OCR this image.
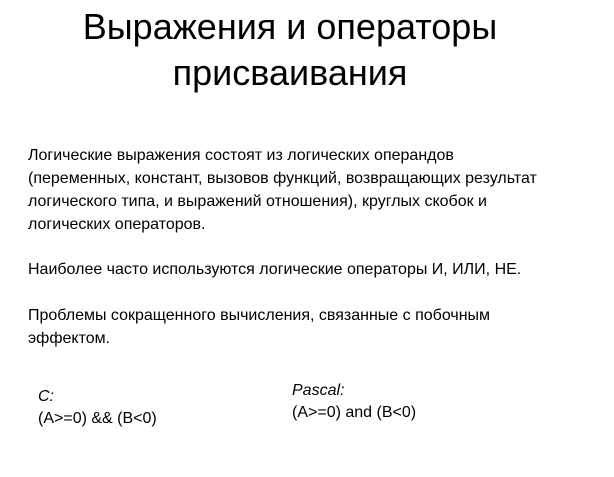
Выражения и операторы
присваивания

Логические выражения состоят из логических операндов
(переменных, констант, вызовов функций, возвращающих результат
логического типа, и выражений отношения), круглых скобок и
логических операторов.

Наиболее часто используются логические операторы И, ИЛИ, НЕ.

Проблемы сокращенного вычисления, связанные с побочным
эффектом.

C:
(A>=0) && (B<0)
Pascal:
(A>=0) and (B<0)
